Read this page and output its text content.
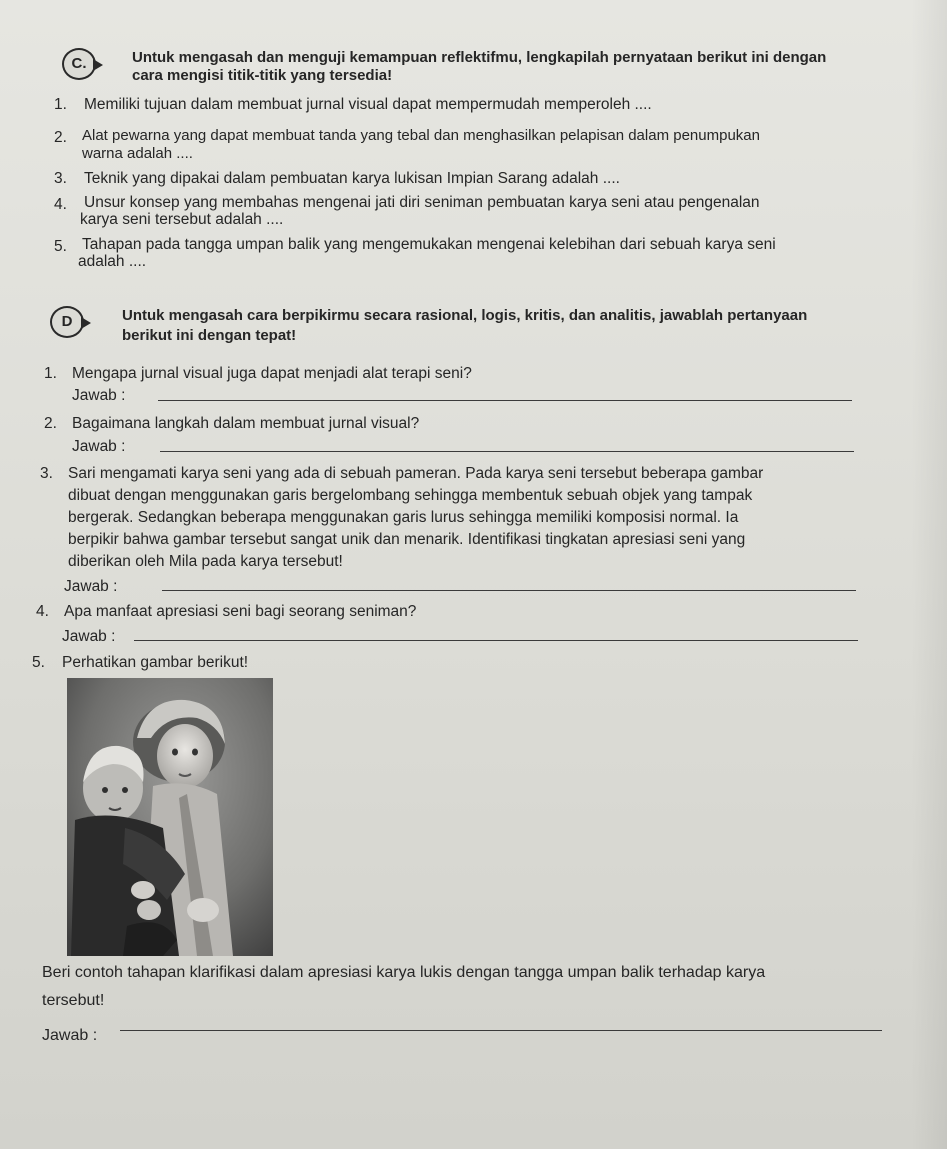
C.	Untuk mengasah dan menguji kemampuan reflektifmu, lengkapilah pernyataan berikut ini dengan
cara mengisi titik-titik yang tersedia!
1. Memiliki tujuan dalam membuat jurnal visual dapat mempermudah memperoleh ....
2. Alat pewarna yang dapat membuat tanda yang tebal dan menghasilkan pelapisan dalam penumpukan
warna adalah ....
3. Teknik yang dipakai dalam pembuatan karya lukisan Impian Sarang adalah ....
4. Unsur konsep yang membahas mengenai jati diri seniman pembuatan karya seni atau pengenalan
karya seni tersebut adalah ....
5. Tahapan pada tangga umpan balik yang mengemukakan mengenai kelebihan dari sebuah karya seni
adalah ....
D	Untuk mengasah cara berpikirmu secara rasional, logis, kritis, dan analitis, jawablah pertanyaan
berikut ini dengan tepat!
1. Mengapa jurnal visual juga dapat menjadi alat terapi seni?
Jawab :
2. Bagaimana langkah dalam membuat jurnal visual?
Jawab :
3. Sari mengamati karya seni yang ada di sebuah pameran. Pada karya seni tersebut beberapa gambar
dibuat dengan menggunakan garis bergelombang sehingga membentuk sebuah objek yang tampak
bergerak. Sedangkan beberapa menggunakan garis lurus sehingga memiliki komposisi normal. Ia
berpikir bahwa gambar tersebut sangat unik dan menarik. Identifikasi tingkatan apresiasi seni yang
diberikan oleh Mila pada karya tersebut!
Jawab :
4. Apa manfaat apresiasi seni bagi seorang seniman?
Jawab :
5. Perhatikan gambar berikut!
Beri contoh tahapan klarifikasi dalam apresiasi karya lukis dengan tangga umpan balik terhadap karya
tersebut!
Jawab :
